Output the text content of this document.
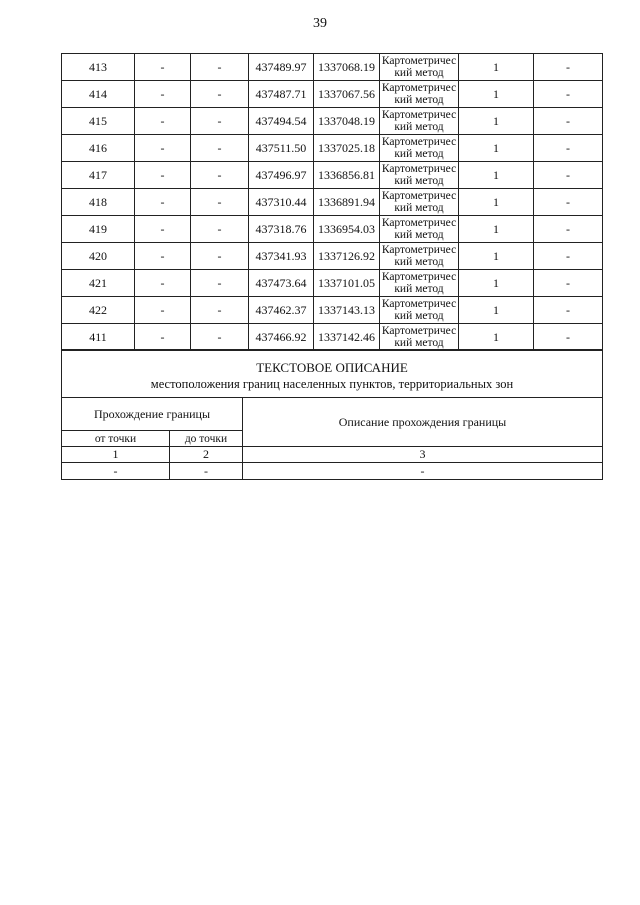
39
413	-	-	437489.97	1337068.19	Картометрический метод	1	-
414	-	-	437487.71	1337067.56	Картометрический метод	1	-
415	-	-	437494.54	1337048.19	Картометрический метод	1	-
416	-	-	437511.50	1337025.18	Картометрический метод	1	-
417	-	-	437496.97	1336856.81	Картометрический метод	1	-
418	-	-	437310.44	1336891.94	Картометрический метод	1	-
419	-	-	437318.76	1336954.03	Картометрический метод	1	-
420	-	-	437341.93	1337126.92	Картометрический метод	1	-
421	-	-	437473.64	1337101.05	Картометрический метод	1	-
422	-	-	437462.37	1337143.13	Картометрический метод	1	-
411	-	-	437466.92	1337142.46	Картометрический метод	1	-
ТЕКСТОВОЕ ОПИСАНИЕ
местоположения границ населенных пунктов, территориальных зон		

Прохождение границы		Описание прохождения границы
от точки	до точки	
1	2	3
-	-	-
